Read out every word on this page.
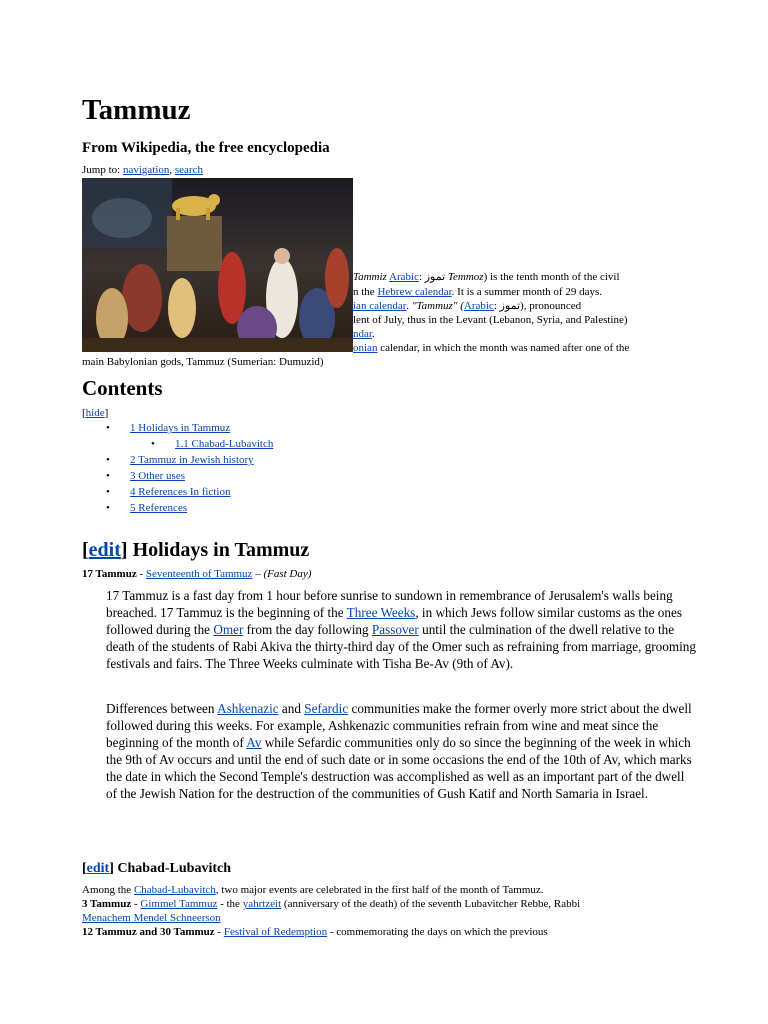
Tammuz
From Wikipedia, the free encyclopedia
Jump to: navigation, search
Tammiz Arabic: تموز Temmoz) is the tenth month of the civil
n the Hebrew calendar. It is a summer month of 29 days.
ian calendar. "Tammuz" (Arabic: تموز), pronounced
lent of July, thus in the Levant (Lebanon, Syria, and Palestine)
ndar.
onian calendar, in which the month was named after one of the
main Babylonian gods, Tammuz (Sumerian: Dumuzid)
Contents
[hide]
• 1 Holidays in Tammuz
• 1.1 Chabad-Lubavitch
• 2 Tammuz in Jewish history
• 3 Other uses
• 4 References In fiction
• 5 References
[edit] Holidays in Tammuz
17 Tammuz - Seventeenth of Tammuz – (Fast Day)
17 Tammuz is a fast day from 1 hour before sunrise to sundown in remembrance of Jerusalem's walls being breached. 17 Tammuz is the beginning of the Three Weeks, in which Jews follow similar customs as the ones followed during the Omer from the day following Passover until the culmination of the dwell relative to the death of the students of Rabi Akiva the thirty-third day of the Omer such as refraining from marriage, grooming festivals and fairs. The Three Weeks culminate with Tisha Be-Av (9th of Av).
Differences between Ashkenazic and Sefardic communities make the former overly more strict about the dwell followed during this weeks. For example, Ashkenazic communities refrain from wine and meat since the beginning of the month of Av while Sefardic communities only do so since the beginning of the week in which the 9th of Av occurs and until the end of such date or in some occasions the end of the 10th of Av, which marks the date in which the Second Temple's destruction was accomplished as well as an important part of the dwell of the Jewish Nation for the destruction of the communities of Gush Katif and North Samaria in Israel.
[edit] Chabad-Lubavitch
Among the Chabad-Lubavitch, two major events are celebrated in the first half of the month of Tammuz.
3 Tammuz - Gimmel Tammuz - the yahrtzeit (anniversary of the death) of the seventh Lubavitcher Rebbe, Rabbi
Menachem Mendel Schneerson
12 Tammuz and 30 Tammuz - Festival of Redemption - commemorating the days on which the previous
